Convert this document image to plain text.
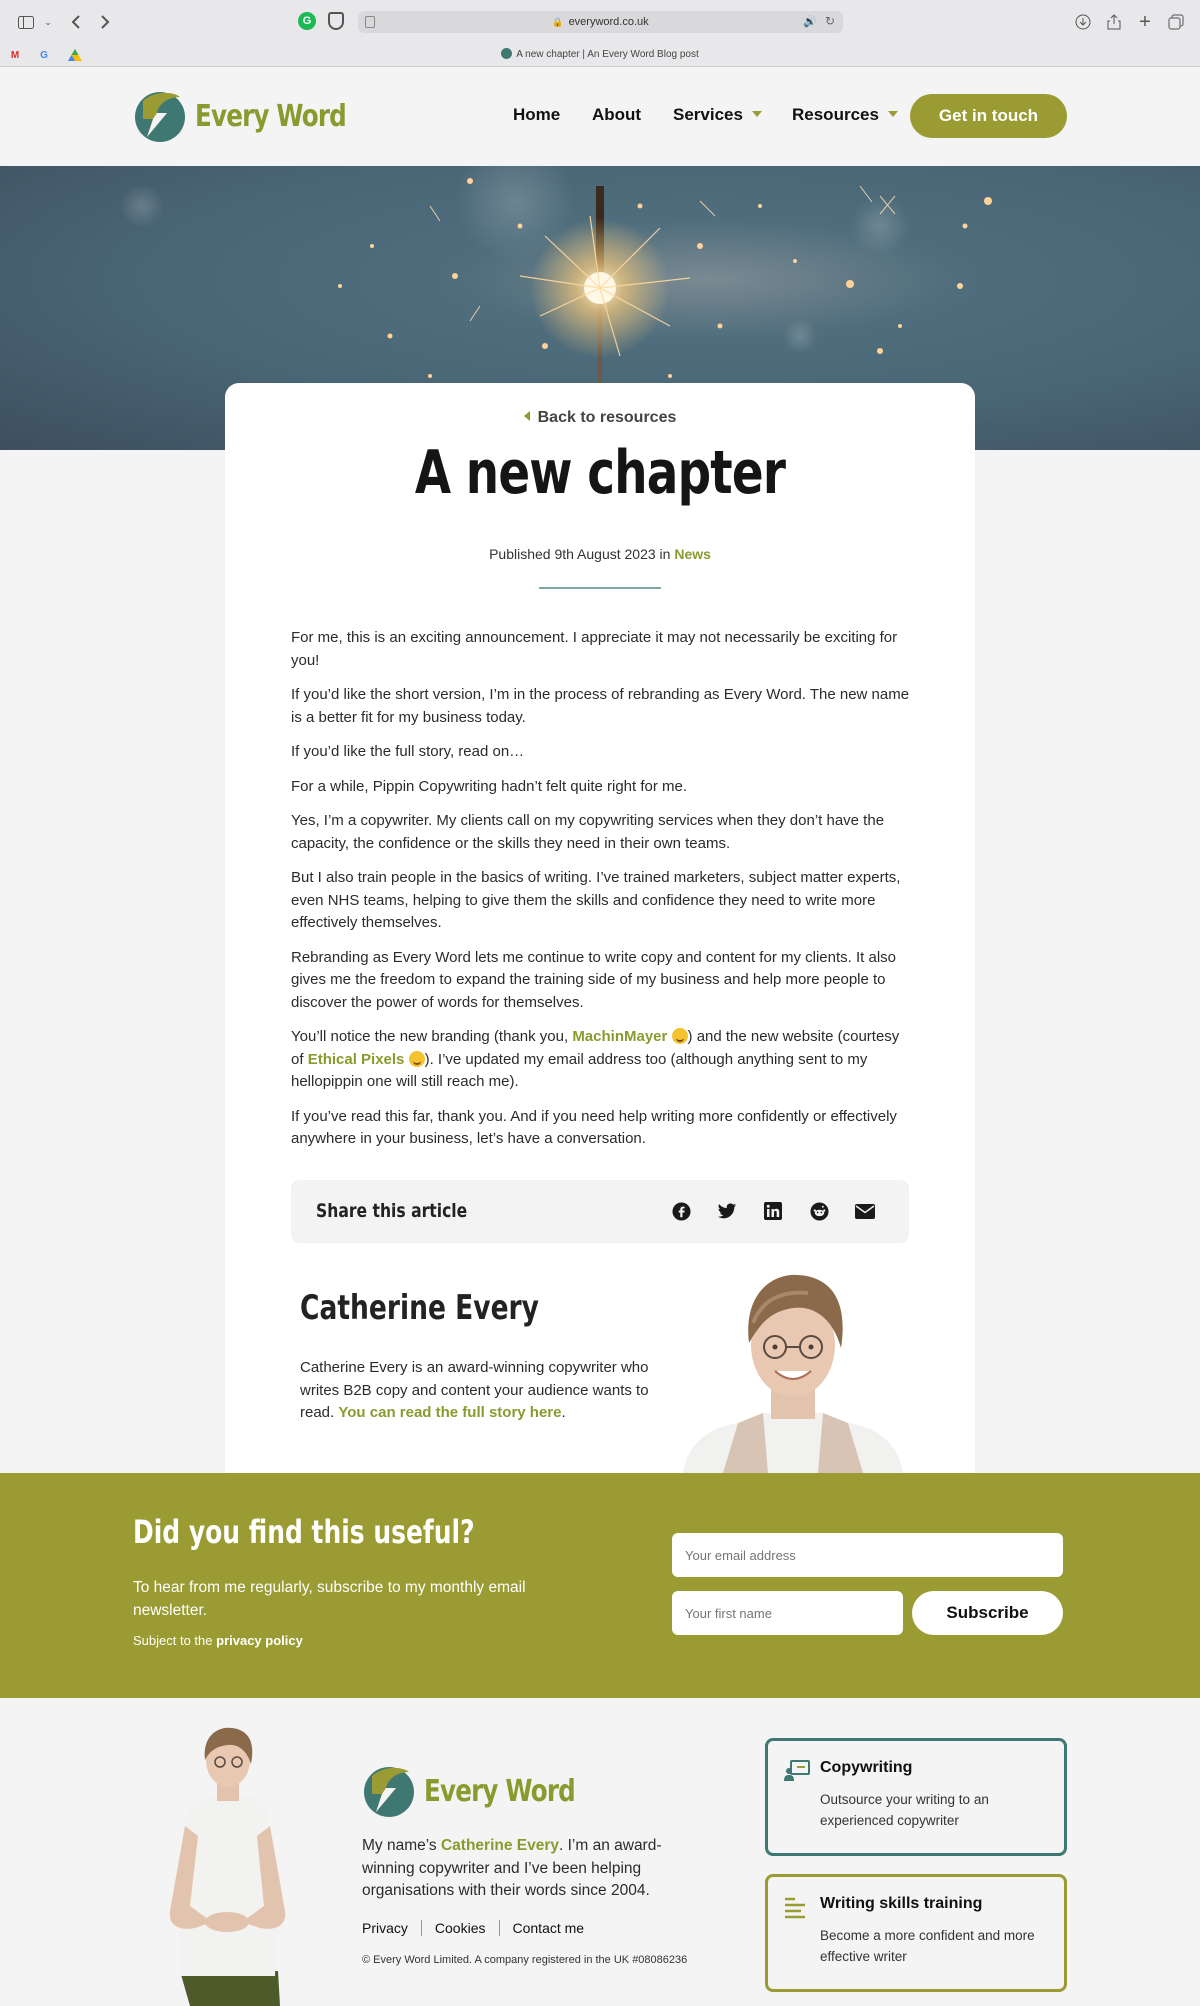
⌄	G	🔒 everyword.co.uk	🔊 ↻	+
M	G	A new chapter | An Every Word Blog post
Every Word	Home About Services	Resources	Get in touch
Back to resources
A new chapter
Published 9th August 2023 in News

For me, this is an exciting announcement. I appreciate it may not necessarily be exciting for you!

If you’d like the short version, I’m in the process of rebranding as Every Word. The new name is a better fit for my business today.

If you’d like the full story, read on…

For a while, Pippin Copywriting hadn’t felt quite right for me.

Yes, I’m a copywriter. My clients call on my copywriting services when they don’t have the capacity, the confidence or the skills they need in their own teams.

But I also train people in the basics of writing. I’ve trained marketers, subject matter experts, even NHS teams, helping to give them the skills and confidence they need to write more effectively themselves.

Rebranding as Every Word lets me continue to write copy and content for my clients. It also gives me the freedom to expand the training side of my business and help more people to discover the power of words for themselves.

You’ll notice the new branding (thank you, MachinMayer ) and the new website (courtesy of Ethical Pixels ). I’ve updated my email address too (although anything sent to my hellopippin one will still reach me).

If you’ve read this far, thank you. And if you need help writing more confidently or effectively anywhere in your business, let’s have a conversation.

Share this article
Catherine Every

Catherine Every is an award-winning copywriter who writes B2B copy and content your audience wants to read. You can read the full story here.

Did you find this useful?

To hear from me regularly, subscribe to my monthly email newsletter.

Subject to the privacy policy

Your email address
Your first name
Subscribe
Every Word

My name’s Catherine Every. I’m an award-winning copywriter and I’ve been helping organisations with their words since 2004.

Privacy	Cookies	Contact me

© Every Word Limited. A company registered in the UK #08086236

Copywriting
Outsource your writing to an experienced copywriter
Writing skills training
Become a more confident and more effective writer
